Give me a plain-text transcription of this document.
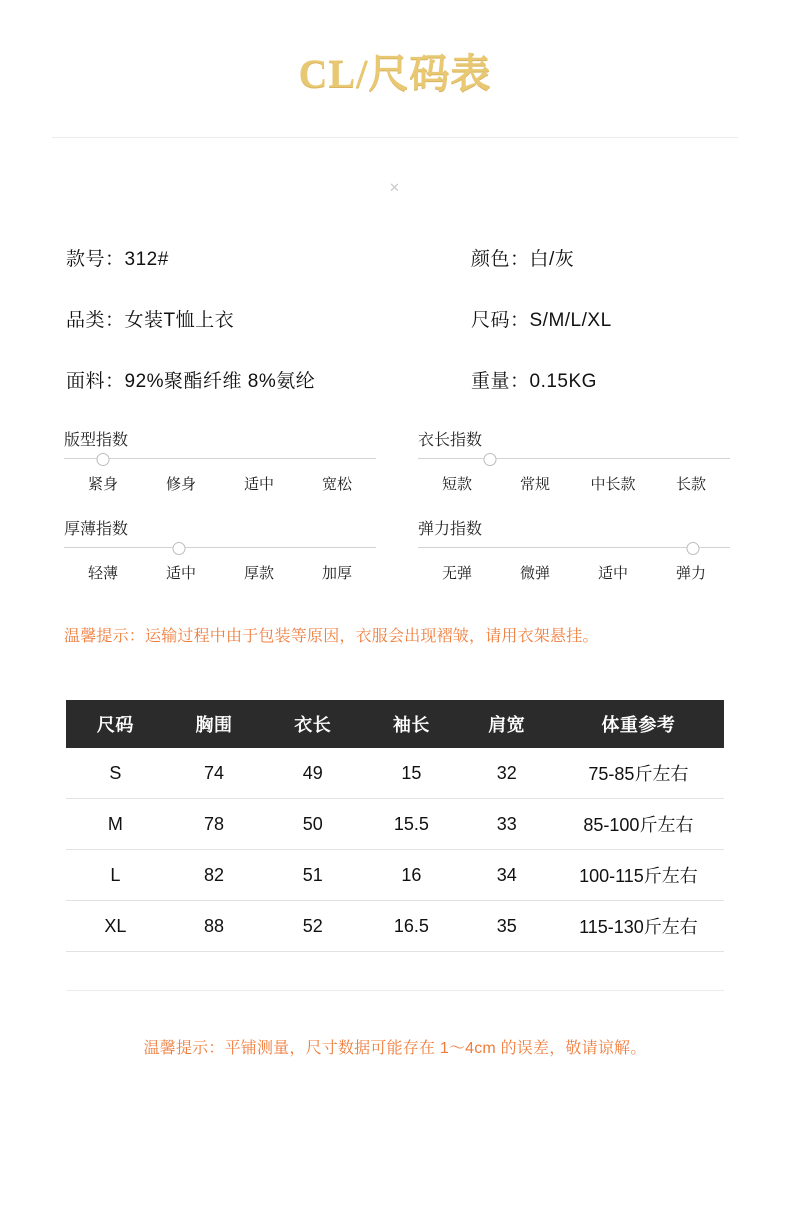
CL/尺码表
✕
款号：312#	颜色：白/灰
品类：女装T恤上衣	尺码：S/M/L/XL
面料：92%聚酯纤维 8%氨纶	重量：0.15KG
版型指数
紧身	修身	适中	宽松
厚薄指数
轻薄	适中	厚款	加厚
衣长指数
短款	常规	中长款	长款
弹力指数
无弹	微弹	适中	弹力
温馨提示：运输过程中由于包装等原因，衣服会出现褶皱，请用衣架悬挂。
尺码	胸围	衣长	袖长	肩宽	体重参考
S	74	49	15	32	75-85斤左右
M	78	50	15.5	33	85-100斤左右
L	82	51	16	34	100-115斤左右
XL	88	52	16.5	35	115-130斤左右
温馨提示：平铺测量，尺寸数据可能存在 1～4cm 的误差，敬请谅解。
